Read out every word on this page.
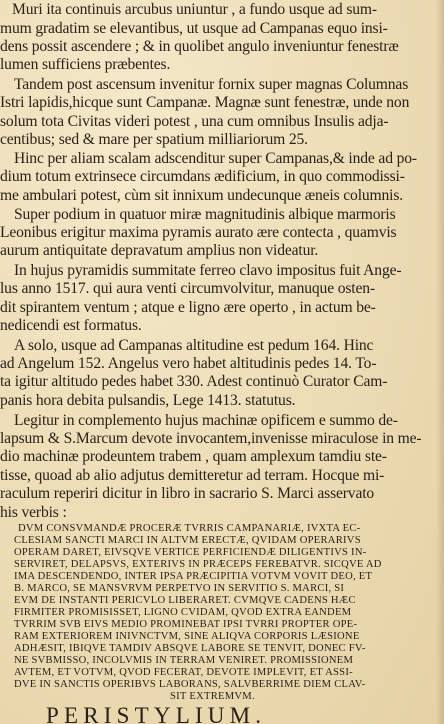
Muri ita continuis arcubus uniuntur , a fundo usque ad sum-
mum gradatim se elevantibus, ut usque ad Campanas equo insi-
dens possit ascendere ; & in quolibet angulo inveniuntur fenestræ
lumen sufficiens præbentes.
Tandem post ascensum invenitur fornix super magnas Columnas
Istri lapidis,hicque sunt Campanæ. Magnæ sunt fenestræ, unde non
solum tota Civitas videri potest , una cum omnibus Insulis adja-
centibus; sed & mare per spatium milliariorum 25.
Hinc per aliam scalam adscenditur super Campanas,& inde ad po-
dium totum extrinsece circumdans ædificium, in quo commodissi-
me ambulari potest, cùm sit innixum undecunque æneis columnis.
Super podium in quatuor miræ magnitudinis albique marmoris
Leonibus erigitur maxima pyramis aurato ære contecta , quamvis
aurum antiquitate depravatum amplius non videatur.
In hujus pyramidis summitate ferreo clavo impositus fuit Ange-
lus anno 1517. qui aura venti circumvolvitur, manuque osten-
dit spirantem ventum ; atque e ligno ære operto , in actum be-
nedicendi est formatus.
A solo, usque ad Campanas altitudine est pedum 164. Hinc
ad Angelum 152. Angelus vero habet altitudinis pedes 14. To-
ta igitur altitudo pedes habet 330. Adest continuò Curator Cam-
panis hora debita pulsandis, Lege 1413. statutus.
Legitur in complemento hujus machinæ opificem e summo de-
lapsum & S.Marcum devote invocantem,invenisse miraculose in me-
dio machinæ prodeuntem trabem , quam amplexum tamdiu ste-
tisse, quoad ab alio adjutus demitteretur ad terram. Hocque mi-
raculum reperiri dicitur in libro in sacrario S. Marci asservato
his verbis :
DVM CONSVMANDÆ PROCERÆ TVRRIS CAMPANARIÆ, IVXTA EC-
CLESIAM SANCTI MARCI IN ALTVM ERECTÆ, QVIDAM OPERARIVS
OPERAM DARET, EIVSQVE VERTICE PERFICIENDÆ DILIGENTIVS IN-
SERVIRET, DELAPSVS, EXTERIVS IN PRÆCEPS FEREBATVR. SICQVE AD
IMA DESCENDENDO, INTER IPSA PRÆCIPITIA VOTVM VOVIT DEO, ET
B. MARCO, SE MANSVRVM PERPETVO IN SERVITIO S. MARCI, SI
EVM DE INSTANTI PERICVLO LIBERARET. CVMQVE CADENS HÆC
FIRMITER PROMISISSET, LIGNO CVIDAM, QVOD EXTRA EANDEM
TVRRIM SVB EIVS MEDIO PROMINEBAT IPSI TVRRI PROPTER OPE-
RAM EXTERIOREM INIVNCTVM, SINE ALIQVA CORPORIS LÆSIONE
ADHÆSIT, IBIQVE TAMDIV ABSQVE LABORE SE TENVIT, DONEC FV-
NE SVBMISSO, INCOLVMIS IN TERRAM VENIRET. PROMISSIONEM
AVTEM, ET VOTVM, QVOD FECERAT, DEVOTE IMPLEVIT, ET ASSI-
DVE IN SANCTIS OPERIBVS LABORANS, SALVBERRIME DIEM CLAV-
SIT EXTREMVM.
PERISTYLIUM.
